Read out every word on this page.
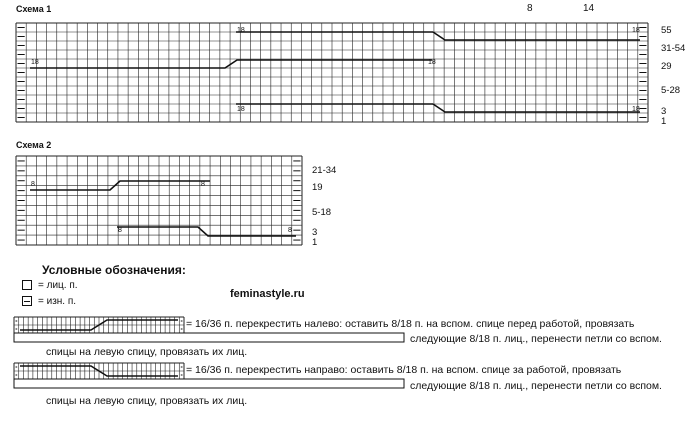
Схема 1	8	14
55
31-54
29
5-28
3
1
18	18
18	18
18	18
Схема 2
21-34
19
5-18
3
1
8	8
8	8
Условные обозначения:
= лиц. п.
= изн. п.
feminastyle.ru
= 16/36 п. перекрестить налево: оставить 8/18 п. на вспом. спице перед работой, провязать
следующие 8/18 п. лиц., перенести петли со вспом.
спицы на левую спицу, провязать их лиц.
= 16/36 п. перекрестить направо: оставить 8/18 п. на вспом. спице за работой, провязать
следующие 8/18 п. лиц., перенести петли со вспом.
спицы на левую спицу, провязать их лиц.
